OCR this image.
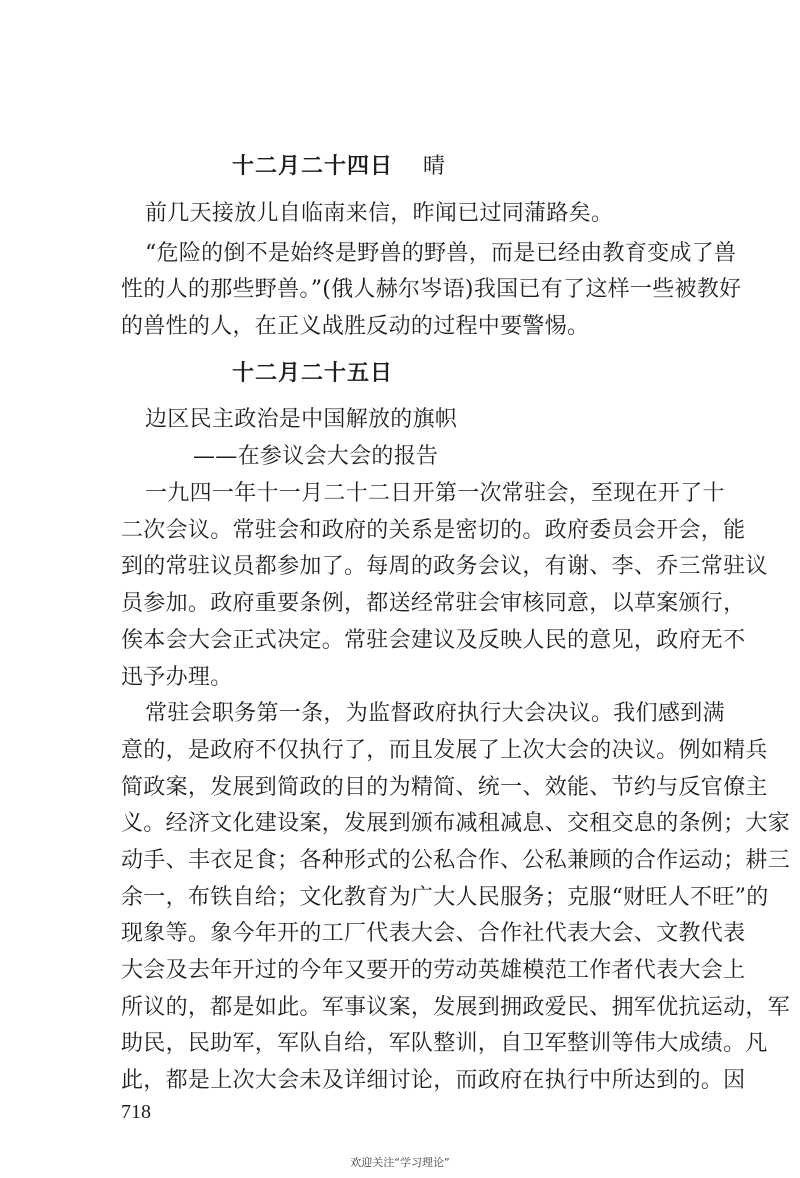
十二月二十四日 晴
前几天接放儿自临南来信，昨闻已过同蒲路矣。
“危险的倒不是始终是野兽的野兽，而是已经由教育变成了兽
性的人的那些野兽。”(俄人赫尔岑语)我国已有了这样一些被教好
的兽性的人，在正义战胜反动的过程中要警惕。
十二月二十五日
边区民主政治是中国解放的旗帜
——在参议会大会的报告
一九四一年十一月二十二日开第一次常驻会，至现在开了十
二次会议。常驻会和政府的关系是密切的。政府委员会开会，能
到的常驻议员都参加了。每周的政务会议，有谢、李、乔三常驻议
员参加。政府重要条例，都送经常驻会审核同意，以草案颁行，
俟本会大会正式决定。常驻会建议及反映人民的意见，政府无不
迅予办理。
常驻会职务第一条，为监督政府执行大会决议。我们感到满
意的，是政府不仅执行了，而且发展了上次大会的决议。例如精兵
简政案，发展到简政的目的为精简、统一、效能、节约与反官僚主
义。经济文化建设案，发展到颁布减租减息、交租交息的条例；大家
动手、丰衣足食；各种形式的公私合作、公私兼顾的合作运动；耕三
余一，布铁自给；文化教育为广大人民服务；克服“财旺人不旺”的
现象等。象今年开的工厂代表大会、合作社代表大会、文教代表
大会及去年开过的今年又要开的劳动英雄模范工作者代表大会上
所议的，都是如此。军事议案，发展到拥政爱民、拥军优抗运动，军
助民，民助军，军队自给，军队整训，自卫军整训等伟大成绩。凡
此，都是上次大会未及详细讨论，而政府在执行中所达到的。因
718
欢迎关注“学习理论”
